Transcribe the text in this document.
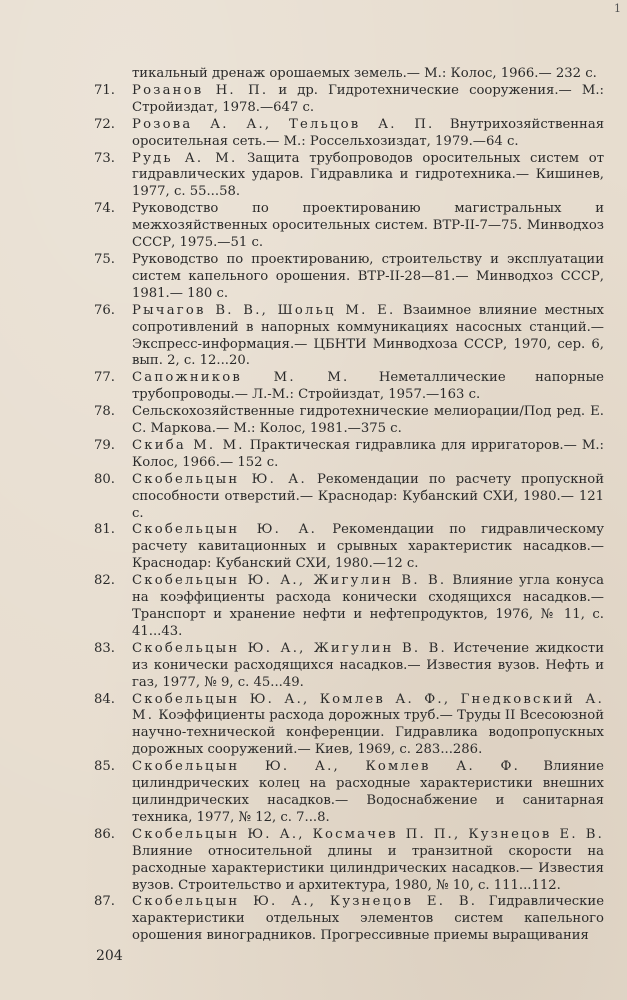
1
тикальный дренаж орошаемых земель.— М.: Колос, 1966.— 232 с.
71.	Розанов Н. П. и др. Гидротехнические сооружения.— М.: Стройиздат, 1978.—647 с.
72.	Розова А. А., Тельцов А. П. Внутрихозяйственная оросительная сеть.— М.: Россельхозиздат, 1979.—64 с.
73.	Рудь А. М. Защита трубопроводов оросительных систем от гидравлических ударов. Гидравлика и гидротехника.— Кишинев, 1977, с. 55...58.
74.	Руководство по проектированию магистральных и межхозяйственных оросительных систем. ВТР-II-7—75. Минводхоз СССР, 1975.—51 с.
75.	Руководство по проектированию, строительству и эксплуатации систем капельного орошения. ВТР-II-28—81.— Минводхоз СССР, 1981.— 180 с.
76.	Рычагов В. В., Шольц М. Е. Взаимное влияние местных сопротивлений в напорных коммуникациях насосных станций.— Экспресс-информация.— ЦБНТИ Минводхоза СССР, 1970, сер. 6, вып. 2, с. 12...20.
77.	Сапожников М. М. Неметаллические напорные трубопроводы.— Л.-М.: Стройиздат, 1957.—163 с.
78.	Сельскохозяйственные гидротехнические мелиорации/Под ред. Е. С. Маркова.— М.: Колос, 1981.—375 с.
79.	Скиба М. М. Практическая гидравлика для ирригаторов.— М.: Колос, 1966.— 152 с.
80.	Скобельцын Ю. А. Рекомендации по расчету пропускной способности отверстий.— Краснодар: Кубанский СХИ, 1980.— 121 с.
81.	Скобельцын Ю. А. Рекомендации по гидравлическому расчету кавитационных и срывных характеристик насадков.— Краснодар: Кубанский СХИ, 1980.—12 с.
82.	Скобельцын Ю. А., Жигулин В. В. Влияние угла конуса на коэффициенты расхода конически сходящихся насадков.— Транспорт и хранение нефти и нефтепродуктов, 1976, № 11, с. 41...43.
83.	Скобельцын Ю. А., Жигулин В. В. Истечение жидкости из конически расходящихся насадков.— Известия вузов. Нефть и газ, 1977, № 9, с. 45...49.
84.	Скобельцын Ю. А., Комлев А. Ф., Гнедковский А. М. Коэффициенты расхода дорожных труб.— Труды II Всесоюзной научно-технической конференции. Гидравлика водопропускных дорожных сооружений.— Киев, 1969, с. 283...286.
85.	Скобельцын Ю. А., Комлев А. Ф. Влияние цилиндрических колец на расходные характеристики внешних цилиндрических насадков.— Водоснабжение и санитарная техника, 1977, № 12, с. 7...8.
86.	Скобельцын Ю. А., Космачев П. П., Кузнецов Е. В. Влияние относительной длины и транзитной скорости на расходные характеристики цилиндрических насадков.— Известия вузов. Строительство и архитектура, 1980, № 10, с. 111...112.
87.	Скобельцын Ю. А., Кузнецов Е. В. Гидравлические характеристики отдельных элементов систем капельного орошения виноградников. Прогрессивные приемы выращивания
204
